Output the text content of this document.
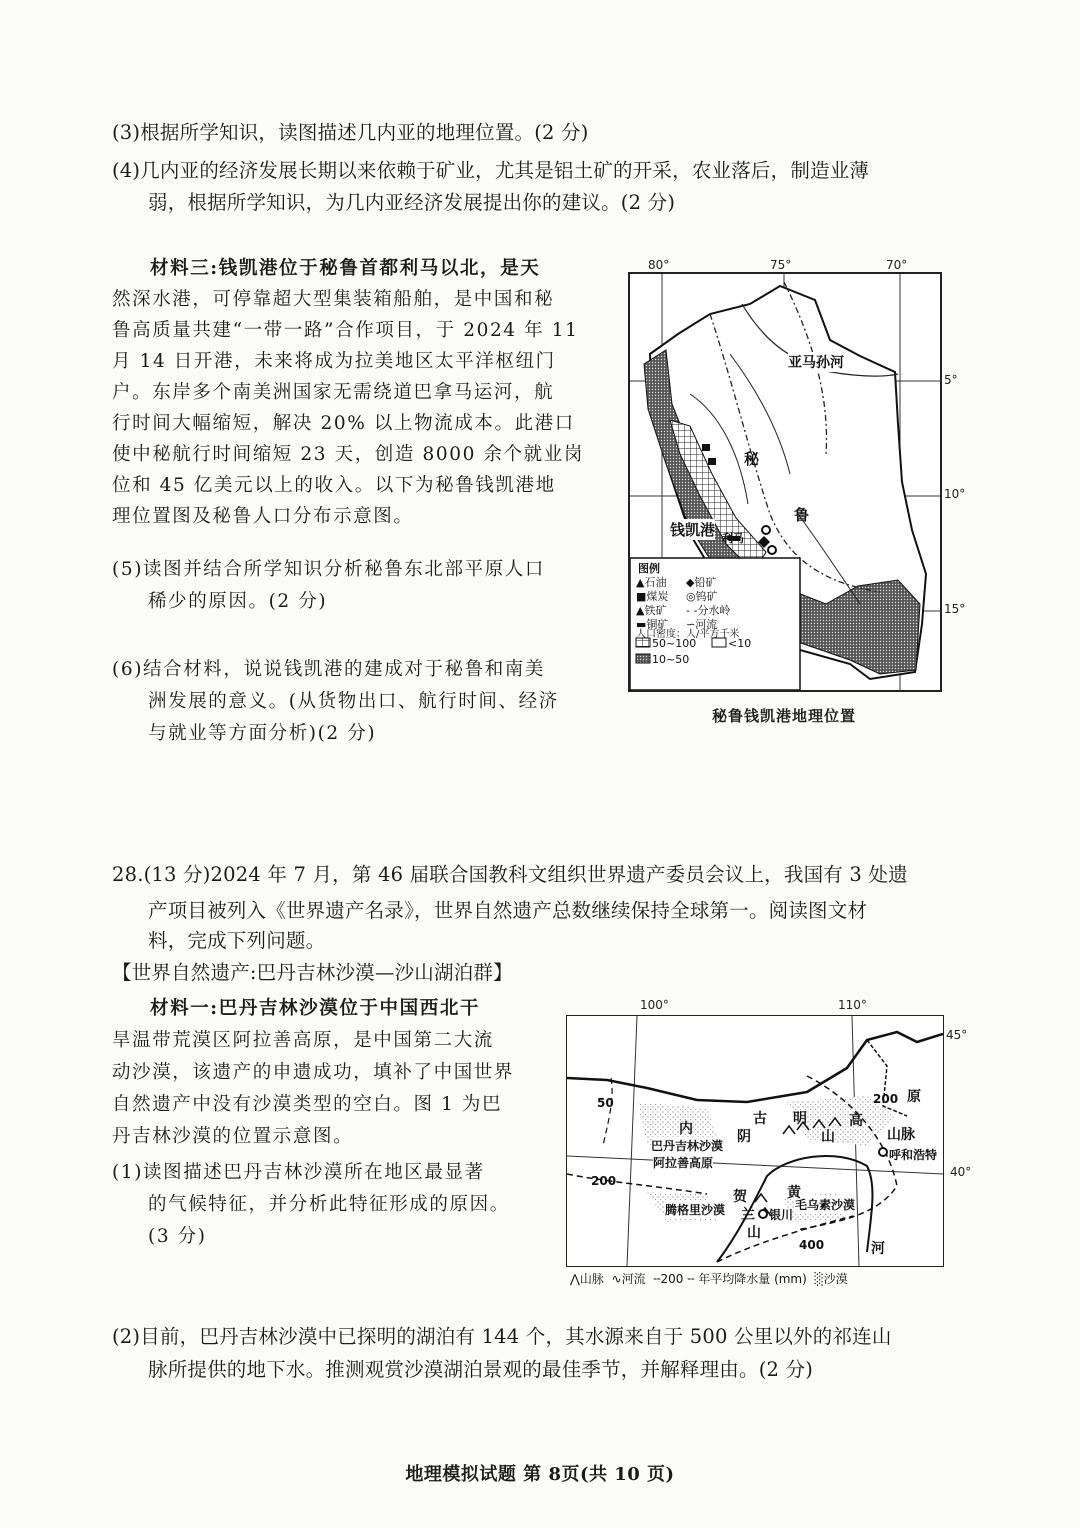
(3)根据所学知识，读图描述几内亚的地理位置。(2 分)
(4)几内亚的经济发展长期以来依赖于矿业，尤其是铝土矿的开采，农业落后，制造业薄
弱，根据所学知识，为几内亚经济发展提出你的建议。(2 分)
材料三:钱凯港位于秘鲁首都利马以北，是天
然深水港，可停靠超大型集装箱船舶，是中国和秘
鲁高质量共建“一带一路”合作项目，于 2024 年 11
月 14 日开港，未来将成为拉美地区太平洋枢纽门
户。东岸多个南美洲国家无需绕道巴拿马运河，航
行时间大幅缩短，解决 20% 以上物流成本。此港口
使中秘航行时间缩短 23 天，创造 8000 余个就业岗
位和 45 亿美元以上的收入。以下为秘鲁钱凯港地
理位置图及秘鲁人口分布示意图。
(5)读图并结合所学知识分析秘鲁东北部平原人口
稀少的原因。(2 分)
(6)结合材料，说说钱凯港的建成对于秘鲁和南美
洲发展的意义。(从货物出口、航行时间、经济
与就业等方面分析)(2 分)
80°	75°	70°
5°
10°
15°
亚马孙河
秘
鲁
钱凯港 利马
图例
▲石油 ◆铅矿
■煤炭 ◎钨矿
▲铁矿 - -分水岭
▬铜矿 ∽河流
人口密度：人/平方千米
50~100	<10
10~50
秘鲁钱凯港地理位置
28.(13 分)2024 年 7 月，第 46 届联合国教科文组织世界遗产委员会议上，我国有 3 处遗
产项目被列入《世界遗产名录》，世界自然遗产总数继续保持全球第一。阅读图文材
料，完成下列问题。
【世界自然遗产:巴丹吉林沙漠—沙山湖泊群】
材料一:巴丹吉林沙漠位于中国西北干
旱温带荒漠区阿拉善高原，是中国第二大流
动沙漠，该遗产的申遗成功，填补了中国世界
自然遗产中没有沙漠类型的空白。图 1 为巴
丹吉林沙漠的位置示意图。
(1)读图描述巴丹吉林沙漠所在地区最显著
的气候特征，并分析此特征形成的原因。
(3 分)
100°	110°
45°
40°
内
巴丹吉林沙漠
阿拉善高原
腾格里沙漠	毛乌素沙漠
银川
呼和浩特
古 明
阴	山	山脉
原
高
贺
兰
山
黄
河
200
200
400
50
⋀山脉 ∿河流 ╌200 ╌ 年平均降水量 (mm) ░沙漠
(2)目前，巴丹吉林沙漠中已探明的湖泊有 144 个，其水源来自于 500 公里以外的祁连山
脉所提供的地下水。推测观赏沙漠湖泊景观的最佳季节，并解释理由。(2 分)
地理模拟试题 第 8页(共 10 页)
